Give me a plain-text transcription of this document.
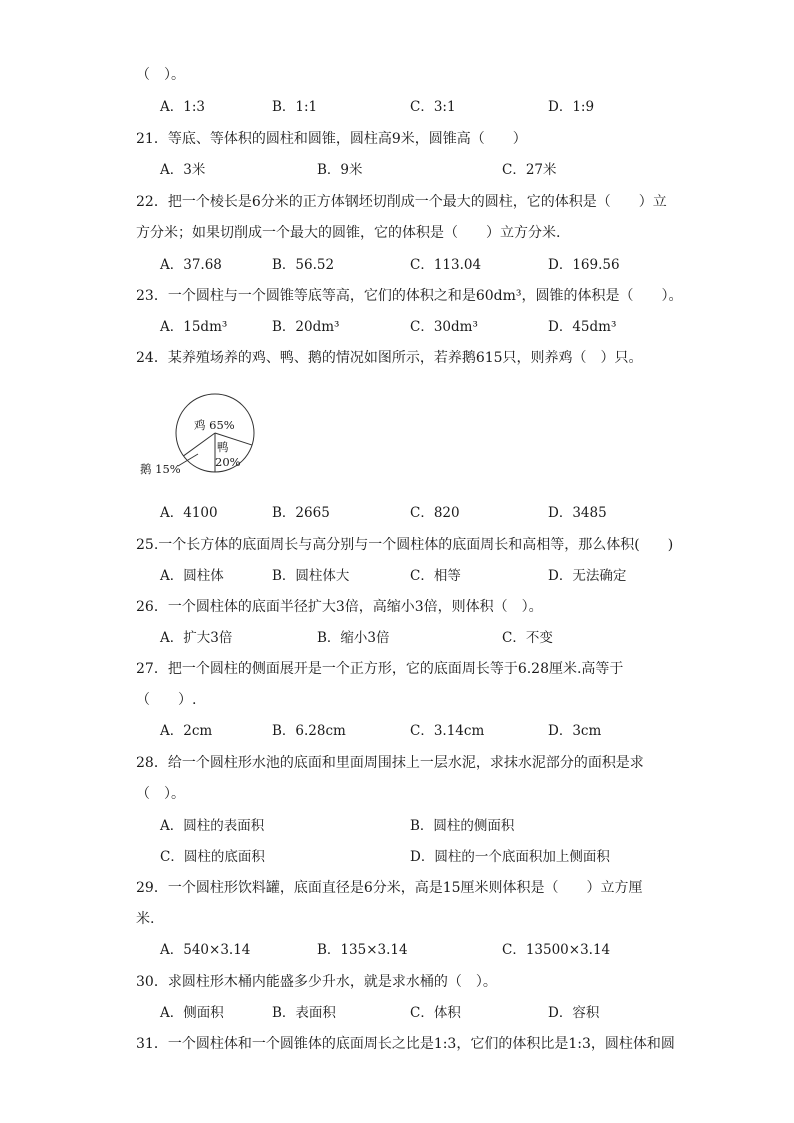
（　）。
A．1:3	B．1:1	C．3:1	D．1:9
21．等底、等体积的圆柱和圆锥，圆柱高9米，圆锥高（　　）
A．3米	B．9米	C．27米
22．把一个棱长是6分米的正方体钢坯切削成一个最大的圆柱，它的体积是（　　）立
方分米；如果切削成一个最大的圆锥，它的体积是（　　）立方分米.
A．37.68	B．56.52	C．113.04	D．169.56
23．一个圆柱与一个圆锥等底等高，它们的体积之和是60dm³，圆锥的体积是（　　）。
A．15dm³	B．20dm³	C．30dm³	D．45dm³
24．某养殖场养的鸡、鸭、鹅的情况如图所示，若养鹅615只，则养鸡（　）只。
鸡 65%
鸭
20%
鹅 15%
A．4100	B．2665	C．820	D．3485
25.一个长方体的底面周长与高分别与一个圆柱体的底面周长和高相等，那么体积(　　)
A．圆柱体	B．圆柱体大	C．相等	D．无法确定
26．一个圆柱体的底面半径扩大3倍，高缩小3倍，则体积（　）。
A．扩大3倍	B．缩小3倍	C．不变
27．把一个圆柱的侧面展开是一个正方形，它的底面周长等于6.28厘米.高等于
（　　）.
A．2cm	B．6.28cm	C．3.14cm	D．3cm
28．给一个圆柱形水池的底面和里面周围抹上一层水泥，求抹水泥部分的面积是求
（　）。
A．圆柱的表面积	B．圆柱的侧面积
C．圆柱的底面积	D．圆柱的一个底面积加上侧面积
29．一个圆柱形饮料罐，底面直径是6分米，高是15厘米则体积是（　　）立方厘
米.
A．540×3.14	B．135×3.14	C．13500×3.14
30．求圆柱形木桶内能盛多少升水，就是求水桶的（　）。
A．侧面积	B．表面积	C．体积	D．容积
31．一个圆柱体和一个圆锥体的底面周长之比是1:3，它们的体积比是1:3，圆柱体和圆
